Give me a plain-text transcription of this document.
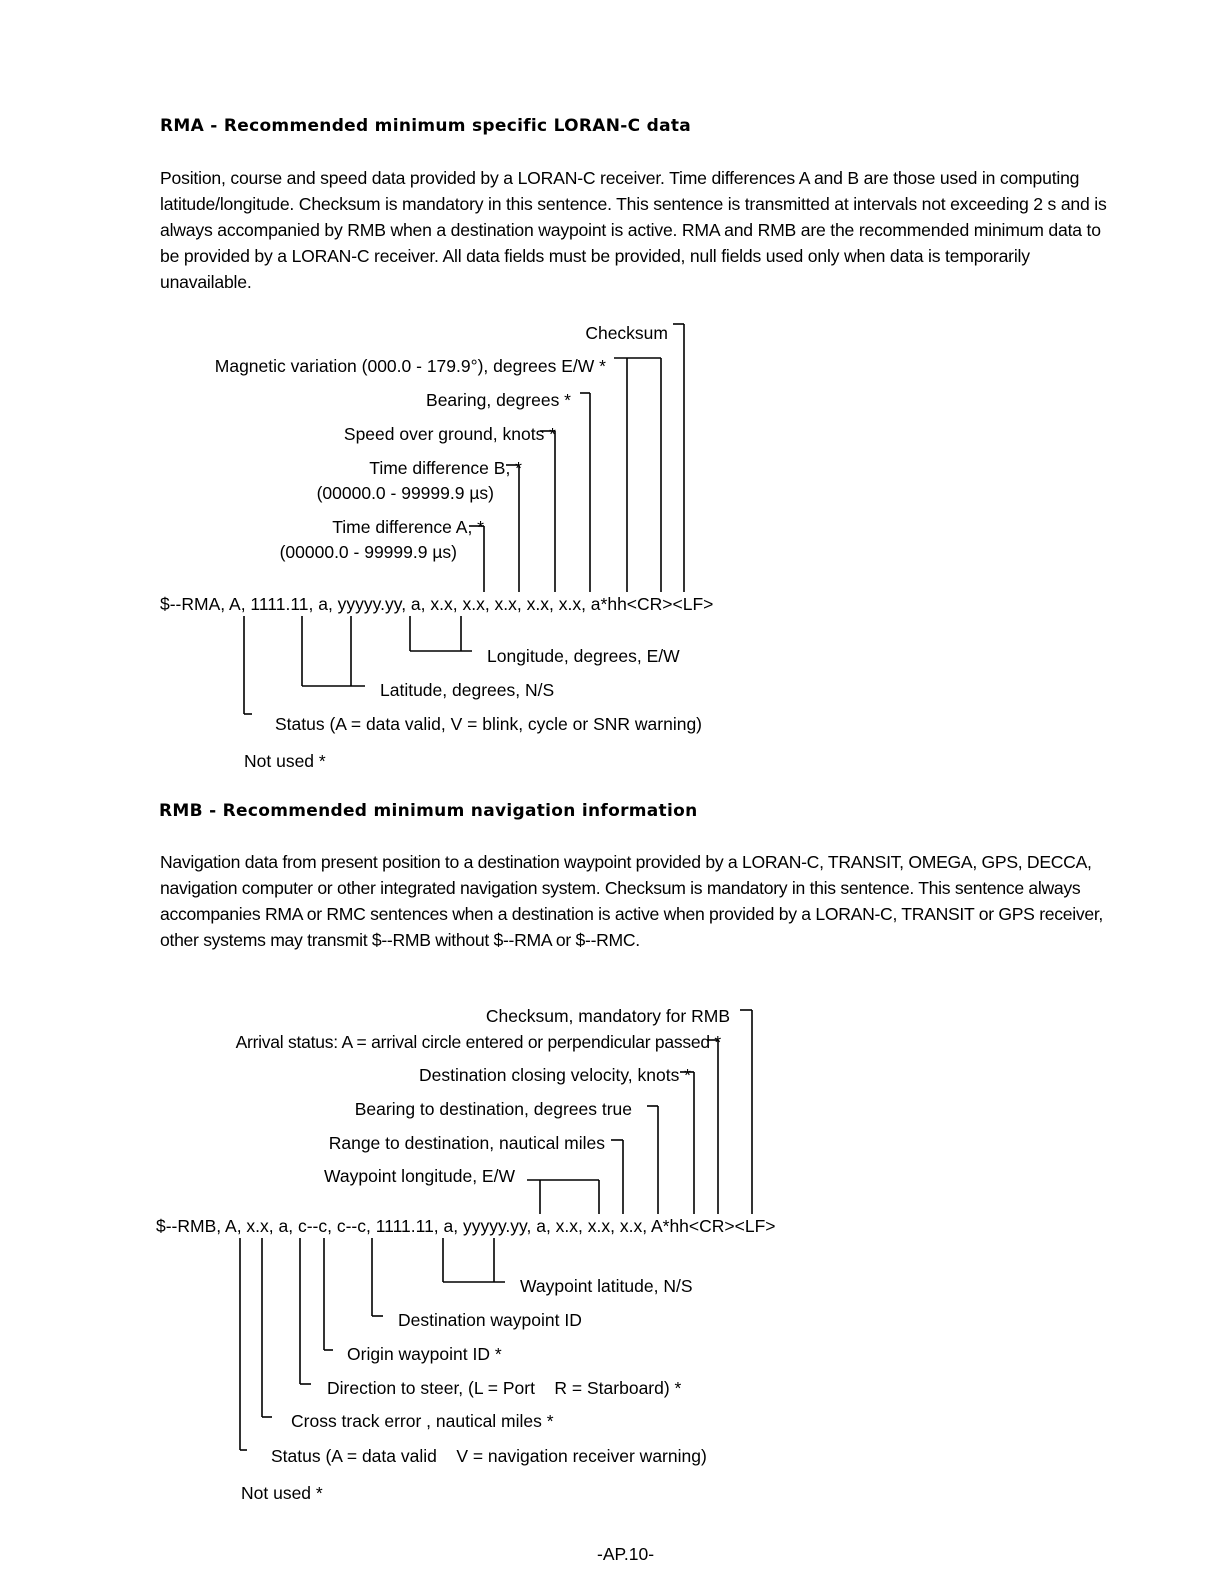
RMA - Recommended minimum specific LORAN-C data
Position, course and speed data provided by a LORAN-C receiver. Time differences A and B are those used in computing latitude/longitude. Checksum is mandatory in this sentence. This sentence is transmitted at intervals not exceeding 2 s and is always accompanied by RMB when a destination waypoint is active. RMA and RMB are the recommended minimum data to be provided by a LORAN-C receiver. All data fields must be provided, null fields used only when data is temporarily unavailable.
Checksum
Magnetic variation (000.0 - 179.9°), degrees E/W *
Bearing, degrees *
Speed over ground, knots *
Time difference B, *
(00000.0 - 99999.9 µs)
Time difference A, *
(00000.0 - 99999.9 µs)
$--RMA, A, 1111.11, a, yyyyy.yy, a, x.x, x.x, x.x, x.x, x.x, a*hh<CR><LF>
Longitude, degrees, E/W
Latitude, degrees, N/S
Status (A = data valid, V = blink, cycle or SNR warning)
Not used *
RMB - Recommended minimum navigation information
Navigation data from present position to a destination waypoint provided by a LORAN-C, TRANSIT, OMEGA, GPS, DECCA, navigation computer or other integrated navigation system. Checksum is mandatory in this sentence. This sentence always accompanies RMA or RMC sentences when a destination is active when provided by a LORAN-C, TRANSIT or GPS receiver, other systems may transmit $--RMB without $--RMA or $--RMC.
Checksum, mandatory for RMB
Arrival status: A = arrival circle entered or perpendicular passed *
Destination closing velocity, knots *
Bearing to destination, degrees true
Range to destination, nautical miles
Waypoint longitude, E/W
$--RMB, A, x.x, a, c--c, c--c, 1111.11, a, yyyyy.yy, a, x.x, x.x, x.x, A*hh<CR><LF>
Waypoint latitude, N/S
Destination waypoint ID
Origin waypoint ID *
Direction to steer, (L = Port    R = Starboard) *
Cross track error , nautical miles *
Status (A = data valid    V = navigation receiver warning)
Not used *
-AP.10-
